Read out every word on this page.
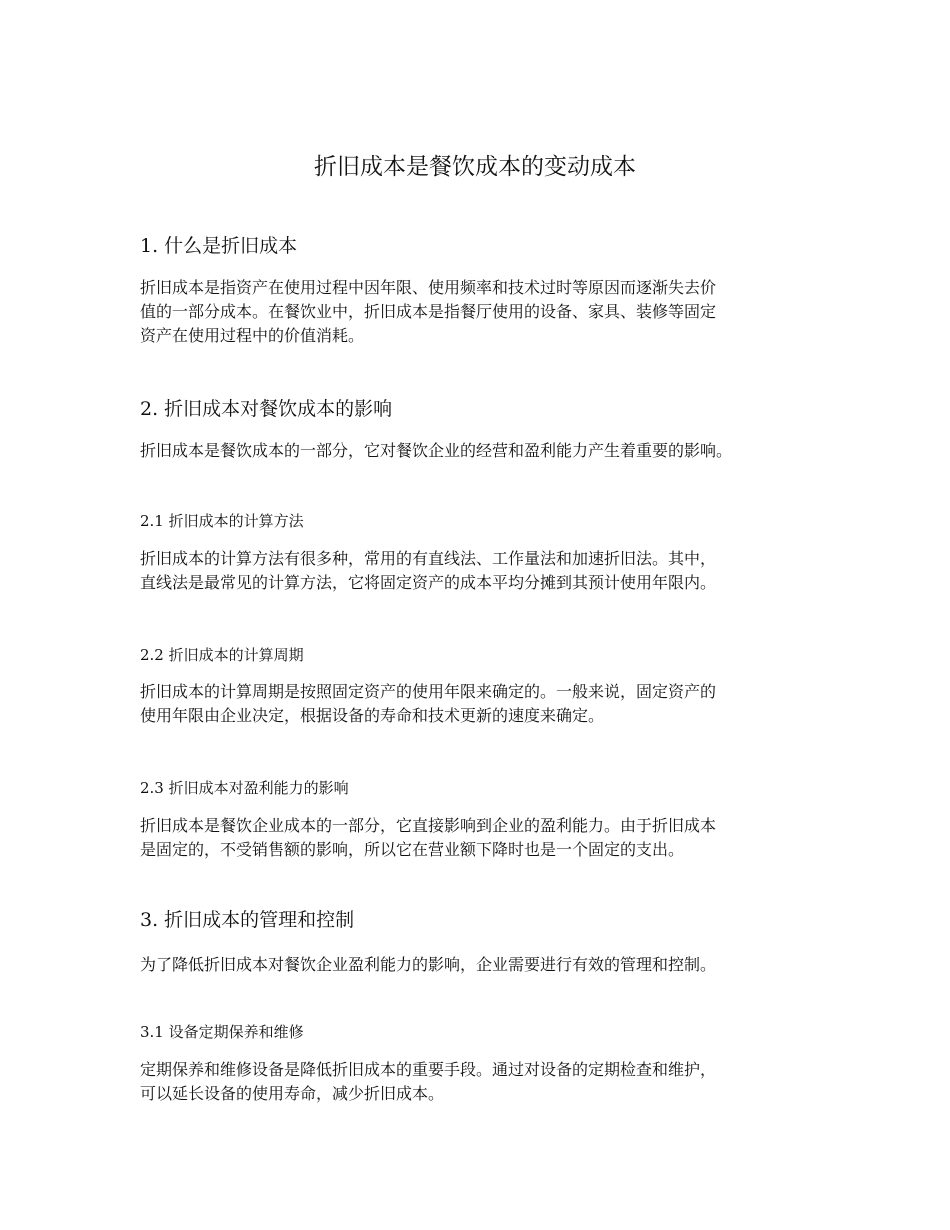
折旧成本是餐饮成本的变动成本
1. 什么是折旧成本
折旧成本是指资产在使用过程中因年限、使用频率和技术过时等原因而逐渐失去价
值的一部分成本。在餐饮业中，折旧成本是指餐厅使用的设备、家具、装修等固定
资产在使用过程中的价值消耗。
2. 折旧成本对餐饮成本的影响
折旧成本是餐饮成本的一部分，它对餐饮企业的经营和盈利能力产生着重要的影响。
2.1 折旧成本的计算方法
折旧成本的计算方法有很多种，常用的有直线法、工作量法和加速折旧法。其中，
直线法是最常见的计算方法，它将固定资产的成本平均分摊到其预计使用年限内。
2.2 折旧成本的计算周期
折旧成本的计算周期是按照固定资产的使用年限来确定的。一般来说，固定资产的
使用年限由企业决定，根据设备的寿命和技术更新的速度来确定。
2.3 折旧成本对盈利能力的影响
折旧成本是餐饮企业成本的一部分，它直接影响到企业的盈利能力。由于折旧成本
是固定的，不受销售额的影响，所以它在营业额下降时也是一个固定的支出。
3. 折旧成本的管理和控制
为了降低折旧成本对餐饮企业盈利能力的影响，企业需要进行有效的管理和控制。
3.1 设备定期保养和维修
定期保养和维修设备是降低折旧成本的重要手段。通过对设备的定期检查和维护，
可以延长设备的使用寿命，减少折旧成本。
